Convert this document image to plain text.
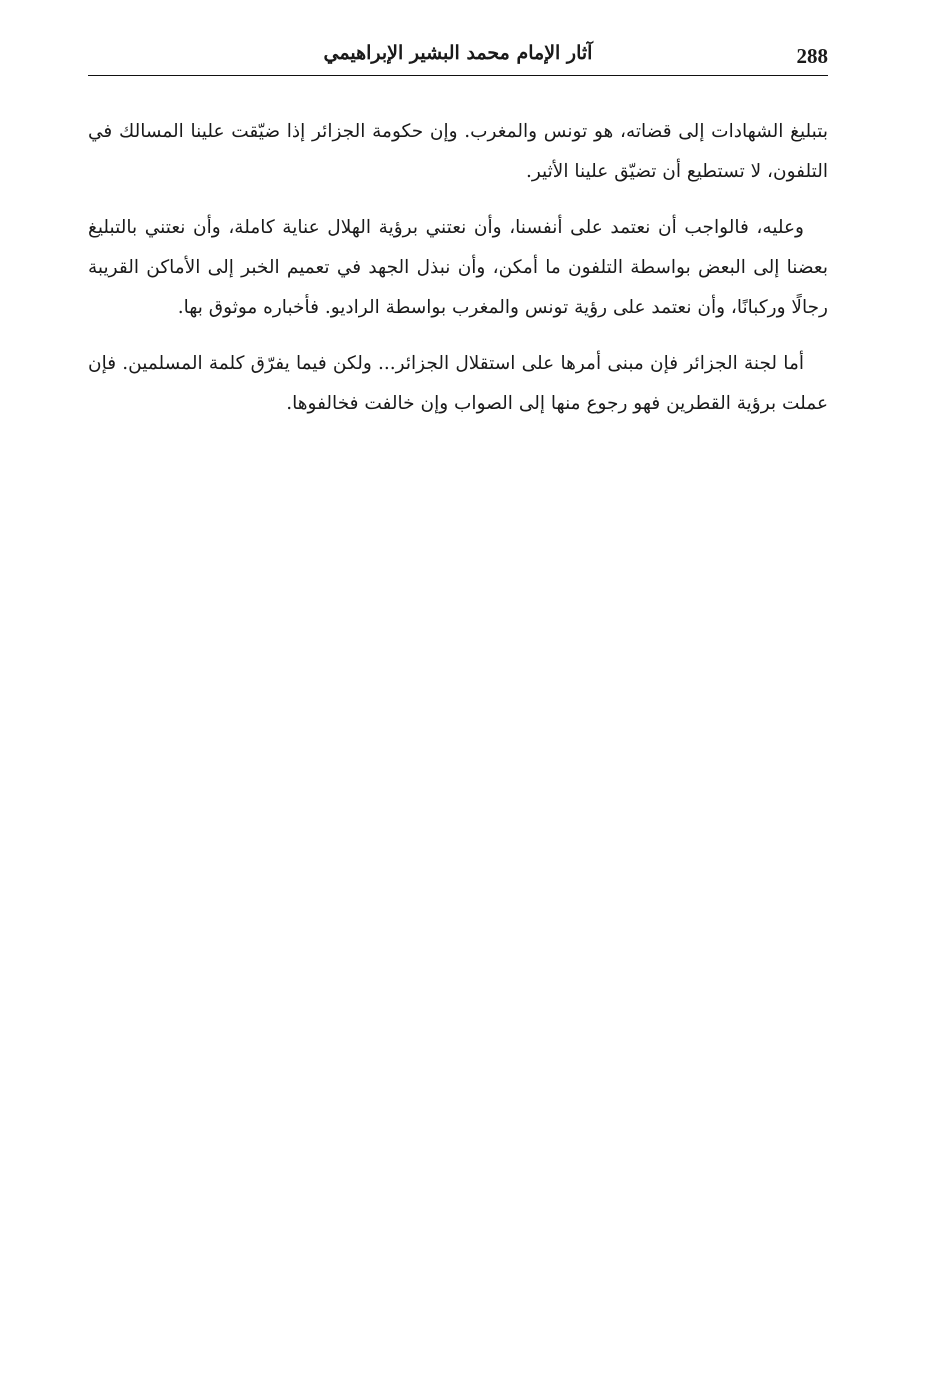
288
آثار الإمام محمد البشير الإبراهيمي

بتبليغ الشهادات إلى قضاته، هو تونس والمغرب. وإن حكومة الجزائر إذا ضيّقت علينا المسالك في التلفون، لا تستطيع أن تضيّق علينا الأثير.

وعليه، فالواجب أن نعتمد على أنفسنا، وأن نعتني برؤية الهلال عناية كاملة، وأن نعتني بالتبليغ بعضنا إلى البعض بواسطة التلفون ما أمكن، وأن نبذل الجهد في تعميم الخبر إلى الأماكن القريبة رجالًا وركبانًا، وأن نعتمد على رؤية تونس والمغرب بواسطة الراديو. فأخباره موثوق بها.

أما لجنة الجزائر فإن مبنى أمرها على استقلال الجزائر... ولكن فيما يفرّق كلمة المسلمين. فإن عملت برؤية القطرين فهو رجوع منها إلى الصواب وإن خالفت فخالفوها.
